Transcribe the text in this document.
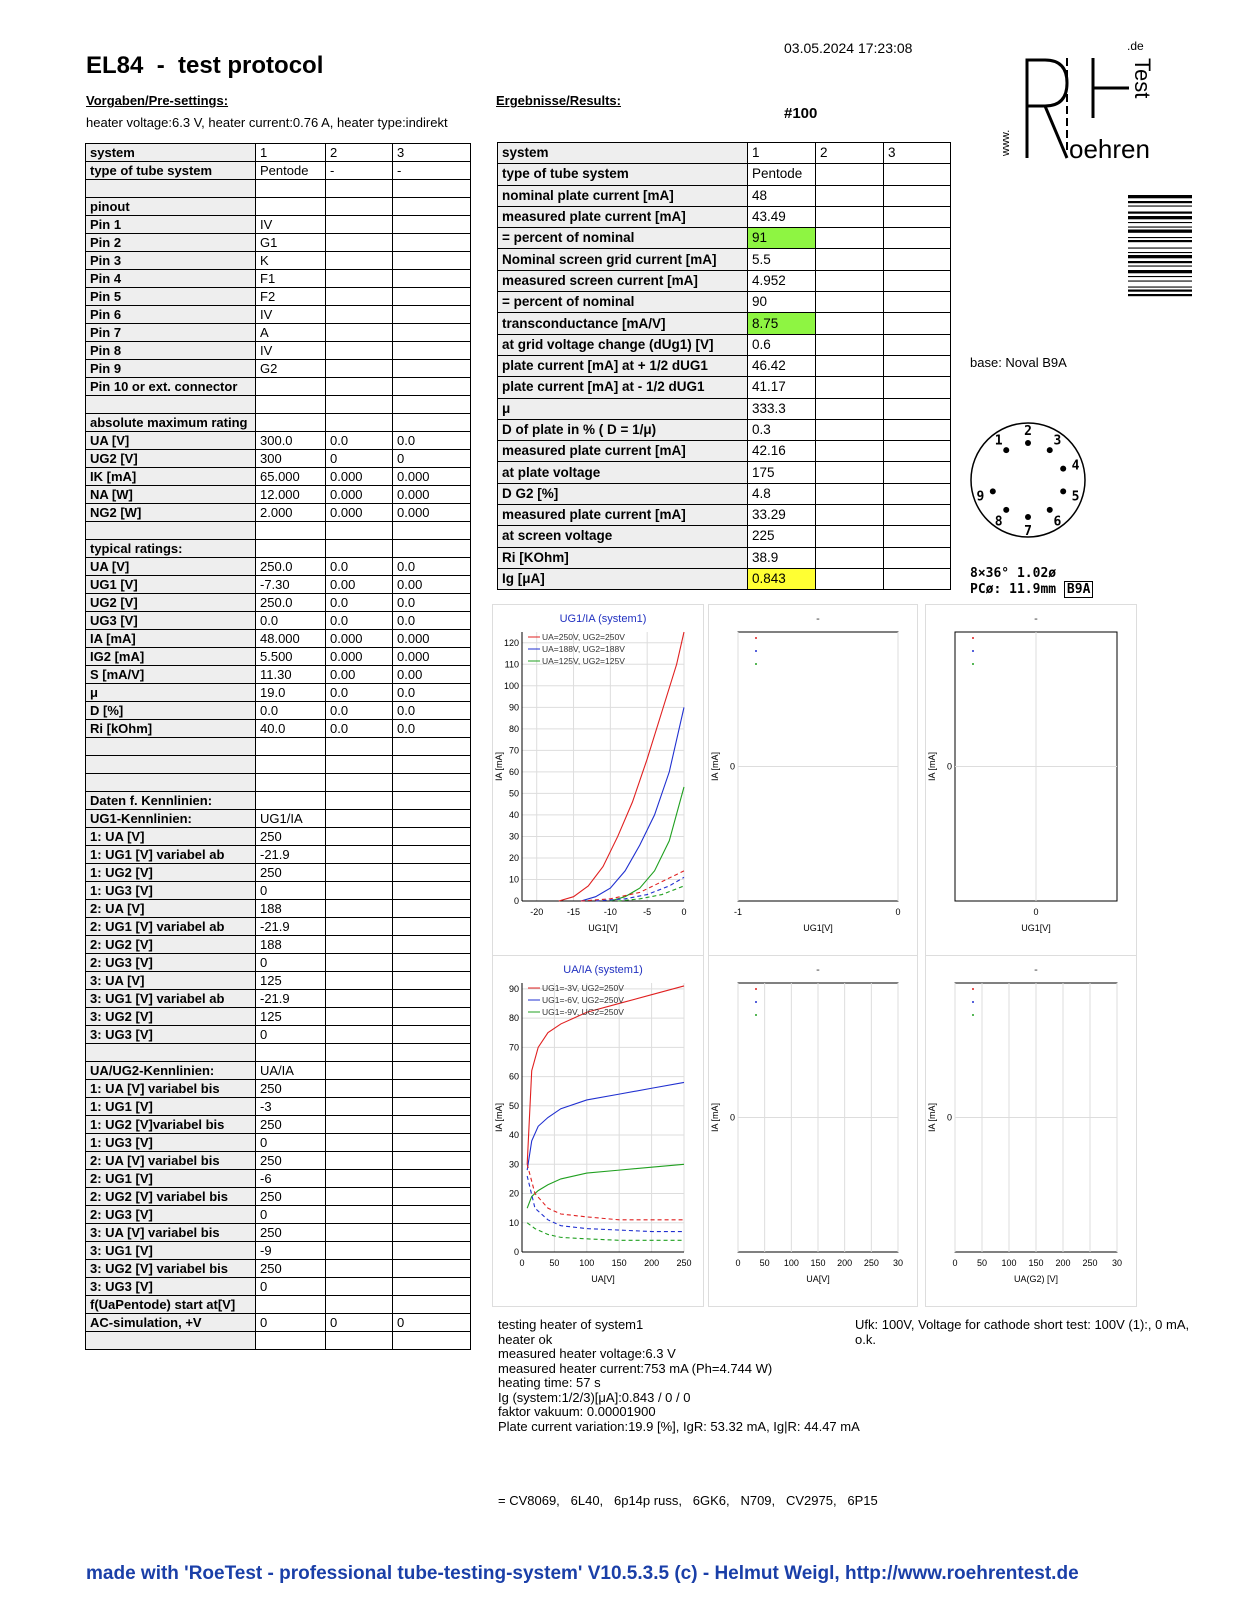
EL84  -  test protocol
03.05.2024 17:23:08
Vorgaben/Pre-settings:	Ergebnisse/Results:
heater voltage:6.3 V, heater current:0.76 A, heater type:indirekt
#100
.de
Test
www. oehren
base: Noval B9A
1
2
3
4
5
6
7
8
9
8×36° 1.02ø
PCø: 11.9mm B9A
system	1	2	3
type of tube system	Pentode	-	-

pinout			
Pin 1	IV		
Pin 2	G1		
Pin 3	K		
Pin 4	F1		
Pin 5	F2		
Pin 6	IV		
Pin 7	A		
Pin 8	IV		
Pin 9	G2		
Pin 10 or ext. connector			

absolute maximum rating			
UA [V]	300.0	0.0	0.0
UG2 [V]	300	0	0
IK [mA]	65.000	0.000	0.000
NA [W]	12.000	0.000	0.000
NG2 [W]	2.000	0.000	0.000

typical ratings:			
UA [V]	250.0	0.0	0.0
UG1 [V]	-7.30	0.00	0.00
UG2 [V]	250.0	0.0	0.0
UG3 [V]	0.0	0.0	0.0
IA [mA]	48.000	0.000	0.000
IG2 [mA]	5.500	0.000	0.000
S [mA/V]	11.30	0.00	0.00
μ	19.0	0.0	0.0
D [%]	0.0	0.0	0.0
Ri [kOhm]	40.0	0.0	0.0

Daten f. Kennlinien:			
UG1-Kennlinien:	UG1/IA		
1: UA [V]	250		
1: UG1 [V] variabel ab	-21.9		
1: UG2 [V]	250		
1: UG3 [V]	0		
2: UA [V]	188		
2: UG1 [V] variabel ab	-21.9		
2: UG2 [V]	188		
2: UG3 [V]	0		
3: UA [V]	125		
3: UG1 [V] variabel ab	-21.9		
3: UG2 [V]	125		
3: UG3 [V]	0		

UA/UG2-Kennlinien:	UA/IA		
1: UA [V] variabel bis	250		
1: UG1 [V]	-3		
1: UG2 [V]variabel bis	250		
1: UG3 [V]	0		
2: UA [V] variabel bis	250		
2: UG1 [V]	-6		
2: UG2 [V] variabel bis	250		
2: UG3 [V]	0		
3: UA [V] variabel bis	250		
3: UG1 [V]	-9		
3: UG2 [V] variabel bis	250		
3: UG3 [V]	0		
f(UaPentode) start at[V]			
AC-simulation, +V	0	0	0

system	1	2	3
type of tube system	Pentode		
nominal plate current [mA]	48		
measured plate current [mA]	43.49		
= percent of nominal	91		
Nominal screen grid current [mA]	5.5		
measured screen current [mA]	4.952		
= percent of nominal	90		
transconductance [mA/V]	8.75		
at grid voltage change (dUg1) [V]	0.6		
plate current [mA] at + 1/2 dUG1	46.42		
plate current [mA] at - 1/2 dUG1	41.17		
μ	333.3		
D of plate in % ( D = 1/μ)	0.3		
measured plate current [mA]	42.16		
at plate voltage	175		
D G2 [%]	4.8		
measured plate current [mA]	33.29		
at screen voltage	225		
Ri [KOhm]	38.9		
Ig [μA]	0.843		
UG1/IA (system1)
IA [mA]
UG1[V]
-20	-15	-10	-5	0
0
10
20
30
40
50
60
70
80
90
100
110
120
UA=250V, UG2=250V
UA=188V, UG2=188V
UA=125V, UG2=125V
-
IA [mA]
UG1[V]
-1	0
0
-
IA [mA]
UG1[V]
0
0
UA/IA (system1)
IA [mA]
UA[V]
0	50 100 150 200 250
0
10
20
30
40
50
60
70
80
90	UG1=-3V, UG2=250V
UG1=-6V, UG2=250V
UG1=-9V, UG2=250V
-
IA [mA]
UA[V]
0 50 100 150 200 250 30
0
-
IA [mA]
UA(G2) [V]
0 50 100 150 200 250 30
0
testing heater of system1
heater ok
measured heater voltage:6.3 V
measured heater current:753 mA (Ph=4.744 W)
heating time: 57 s
Ig (system:1/2/3)[μA]:0.843 / 0 / 0
faktor vakuum: 0.00001900
Plate current variation:19.9 [%], IgR: 53.32 mA, Ig|R: 44.47 mA
Ufk: 100V, Voltage for cathode short test: 100V (1):, 0 mA, o.k.
= CV8069,   6L40,   6p14p russ,   6GK6,   N709,   CV2975,   6P15
made with 'RoeTest - professional tube-testing-system' V10.5.3.5 (c) - Helmut Weigl, http://www.roehrentest.de
